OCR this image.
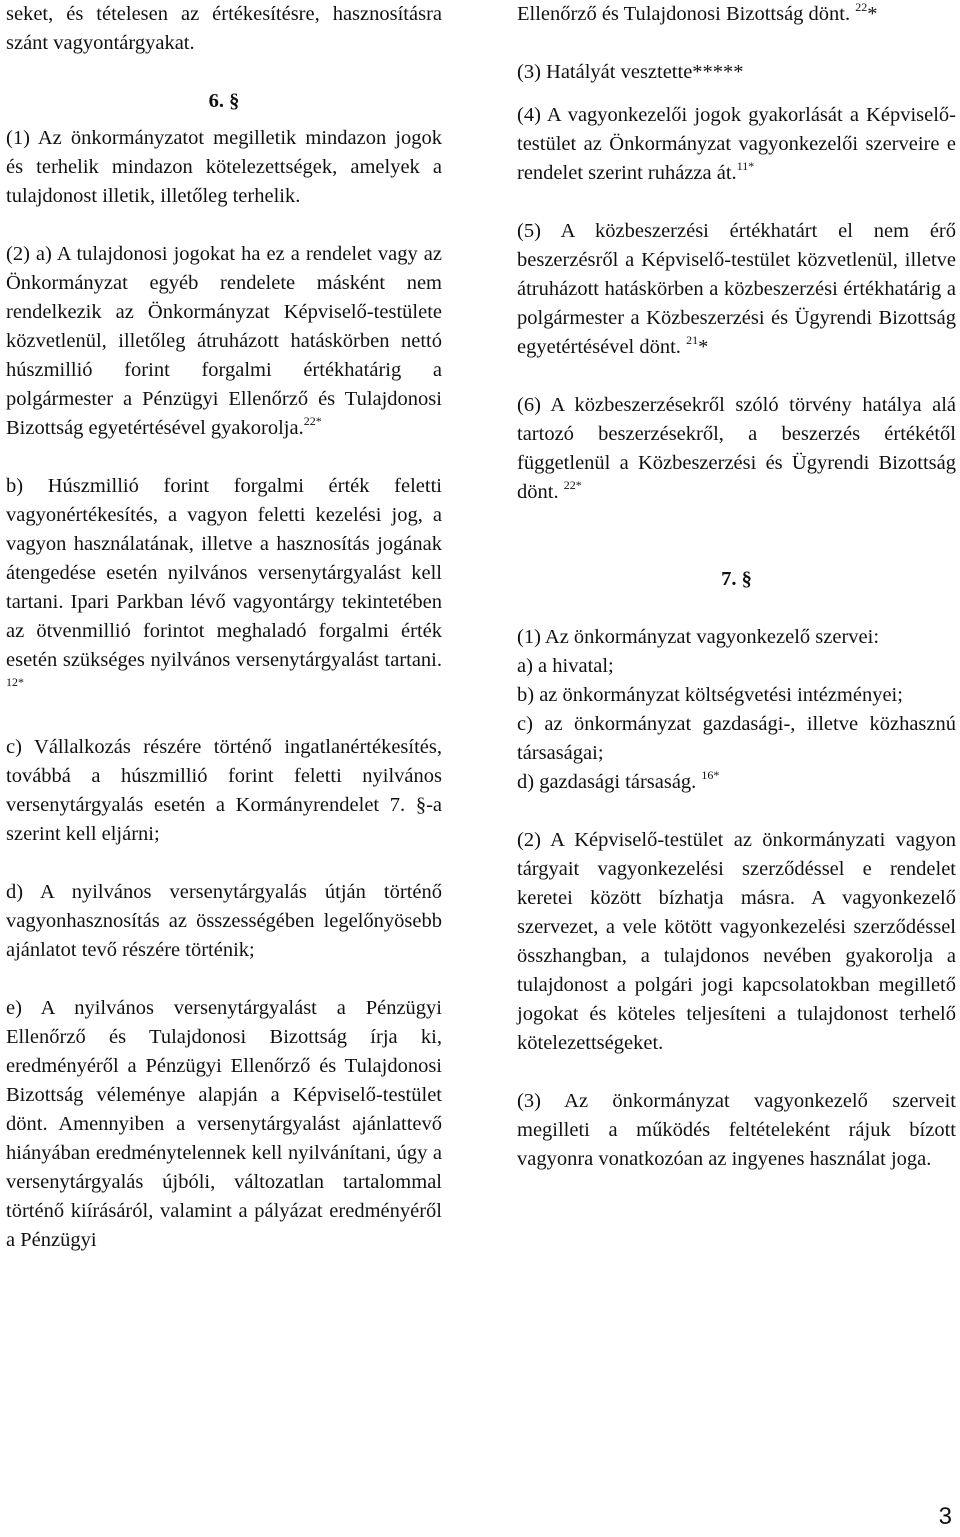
seket, és tételesen az értékesítésre, hasznosításra szánt vagyontárgyakat.

6. §

(1) Az önkormányzatot megilletik mindazon jogok és terhelik mindazon kötelezettségek, amelyek a tulajdonost illetik, illetőleg terhelik.

(2) a) A tulajdonosi jogokat ha ez a rendelet vagy az Önkormányzat egyéb rendelete másként nem rendelkezik az Önkormányzat Képviselő-testülete közvetlenül, illetőleg átruházott hatáskörben nettó húszmillió forint forgalmi értékhatárig a polgármester a Pénzügyi Ellenőrző és Tulajdonosi Bizottság egyetértésével gyakorolja.$^{22*}$

b) Húszmillió forint forgalmi érték feletti vagyonértékesítés, a vagyon feletti kezelési jog, a vagyon használatának, illetve a hasznosítás jogának átengedése esetén nyilvános versenytárgyalást kell tartani. Ipari Parkban lévő vagyontárgy tekintetében az ötvenmillió forintot meghaladó forgalmi érték esetén szükséges nyilvános versenytárgyalást tartani. $^{12*}$

c) Vállalkozás részére történő ingatlanértékesítés, továbbá a húszmillió forint feletti nyilvános versenytárgyalás esetén a Kormányrendelet 7. §-a szerint kell eljárni;

d) A nyilvános versenytárgyalás útján történő vagyonhasznosítás az összességében legelőnyösebb ajánlatot tevő részére történik;

e) A nyilvános versenytárgyalást a Pénzügyi Ellenőrző és Tulajdonosi Bizottság írja ki, eredményéről a Pénzügyi Ellenőrző és Tulajdonosi Bizottság véleménye alapján a Képviselő-testület dönt. Amennyiben a versenytárgyalást ajánlattevő hiányában eredménytelennek kell nyilvánítani, úgy a versenytárgyalás újbóli, változatlan tartalommal történő kiírásáról, valamint a pályázat eredményéről a Pénzügyi

Ellenőrző és Tulajdonosi Bizottság dönt. $^{22}$*

(3) Hatályát vesztette*****

(4) A vagyonkezelői jogok gyakorlását a Képviselő-testület az Önkormányzat vagyonkezelői szerveire e rendelet szerint ruházza át.$^{11*}$

(5) A közbeszerzési értékhatárt el nem érő beszerzésről a Képviselő-testület közvetlenül, illetve átruházott hatáskörben a közbeszerzési értékhatárig a polgármester a Közbeszerzési és Ügyrendi Bizottság egyetértésével dönt. $^{21}$*

(6) A közbeszerzésekről szóló törvény hatálya alá tartozó beszerzésekről, a beszerzés értékétől függetlenül a Közbeszerzési és Ügyrendi Bizottság dönt. $^{22*}$

7. §

(1) Az önkormányzat vagyonkezelő szervei:

a) a hivatal;

b) az önkormányzat költségvetési intézményei;

c) az önkormányzat gazdasági-, illetve közhasznú társaságai;

d) gazdasági társaság. $^{16*}$

(2) A Képviselő-testület az önkormányzati vagyon tárgyait vagyonkezelési szerződéssel e rendelet keretei között bízhatja másra. A vagyonkezelő szervezet, a vele kötött vagyonkezelési szerződéssel összhangban, a tulajdonos nevében gyakorolja a tulajdonost a polgári jogi kapcsolatokban megillető jogokat és köteles teljesíteni a tulajdonost terhelő kötelezettségeket.

(3) Az önkormányzat vagyonkezelő szerveit megilleti a működés feltételeként rájuk bízott vagyonra vonatkozóan az ingyenes használat joga.

3
